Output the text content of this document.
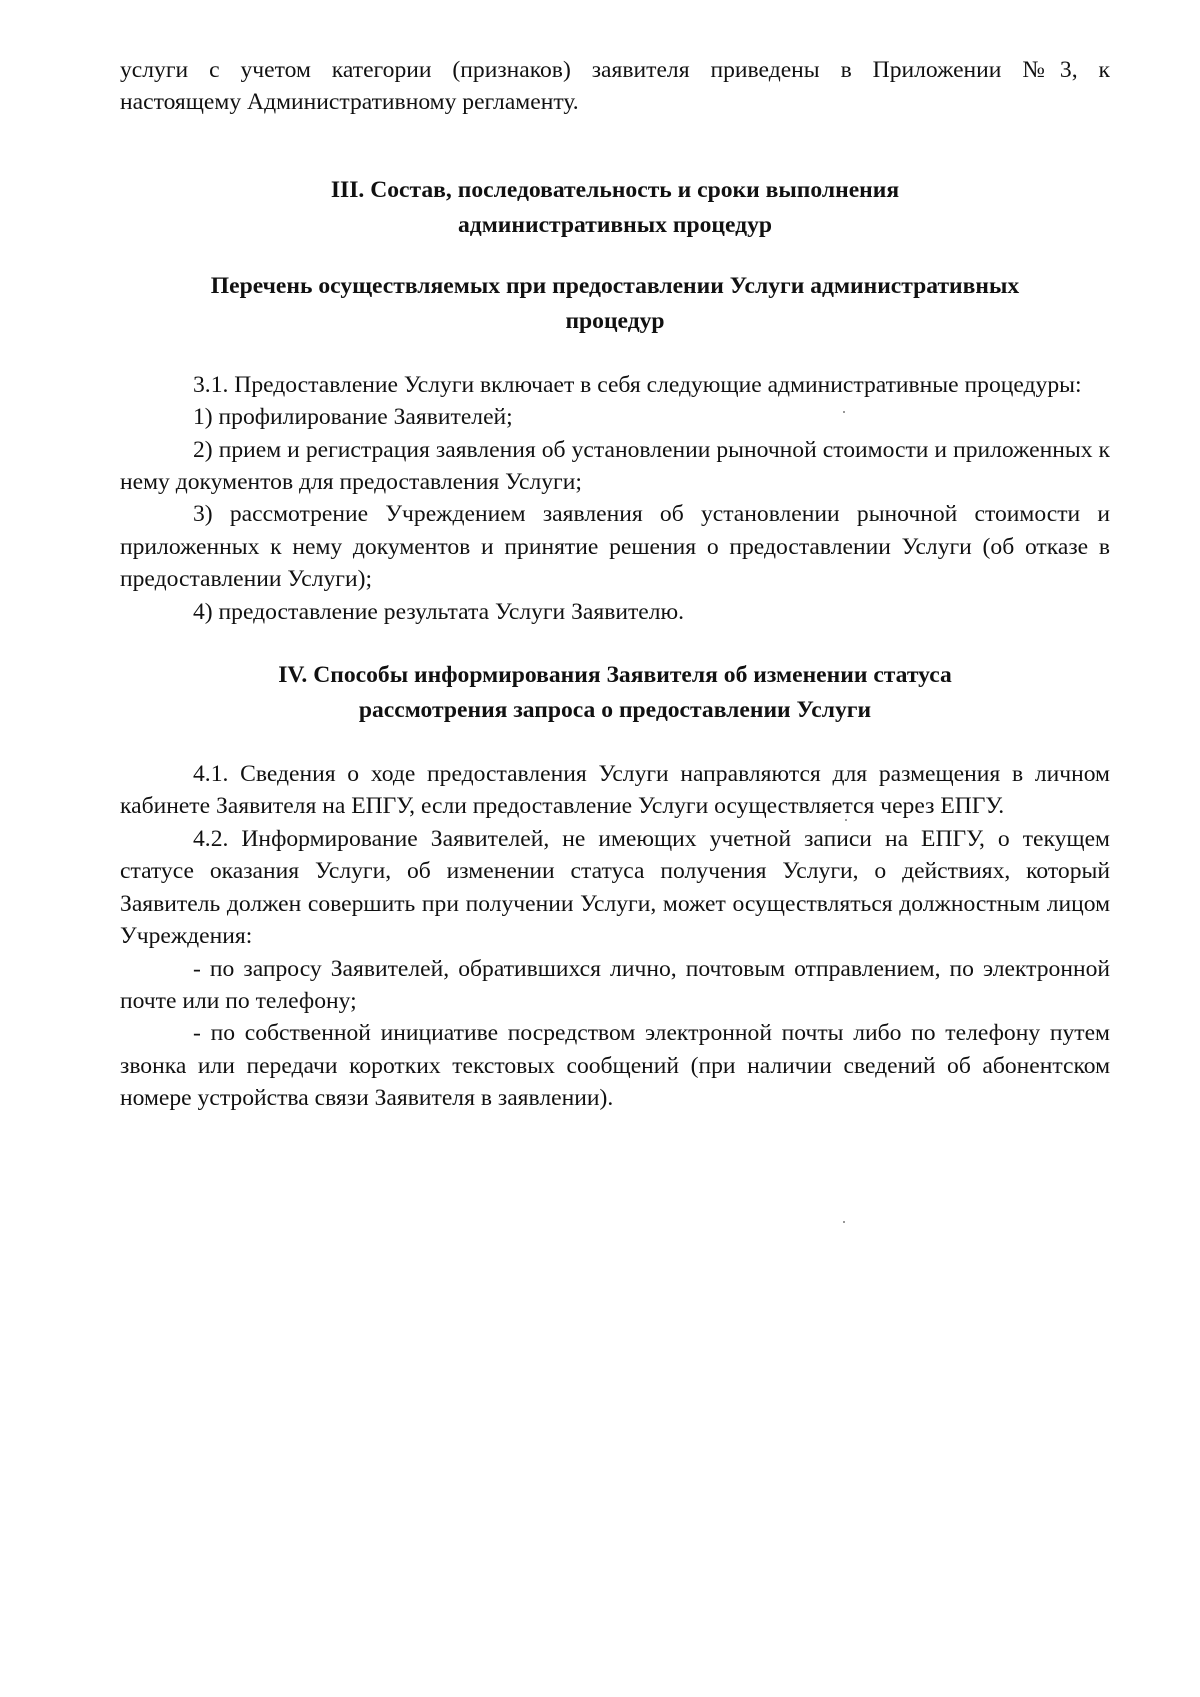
услуги с учетом категории (признаков) заявителя приведены в Приложении №3, к

настоящему Административному регламенту.

III. Состав, последовательность и сроки выполнения
административных процедур
Перечень осуществляемых при предоставлении Услуги административных
процедур

3.1. Предоставление Услуги включает в себя следующие административные процедуры:

1) профилирование Заявителей;

2) прием и регистрация заявления об установлении рыночной стоимости и приложенных к нему документов для предоставления Услуги;

3) рассмотрение Учреждением заявления об установлении рыночной стоимости и приложенных к нему документов и принятие решения о предоставлении Услуги (об отказе в предоставлении Услуги);

4) предоставление результата Услуги Заявителю.

IV. Способы информирования Заявителя об изменении статуса
рассмотрения запроса о предоставлении Услуги

4.1. Сведения о ходе предоставления Услуги направляются для размещения в личном кабинете Заявителя на ЕПГУ, если предоставление Услуги осуществляется через ЕПГУ.

4.2. Информирование Заявителей, не имеющих учетной записи на ЕПГУ, о текущем статусе оказания Услуги, об изменении статуса получения Услуги, о действиях, который Заявитель должен совершить при получении Услуги, может осуществляться должностным лицом Учреждения:

- по запросу Заявителей, обратившихся лично, почтовым отправлением, по электронной почте или по телефону;

- по собственной инициативе посредством электронной почты либо по телефону путем звонка или передачи коротких текстовых сообщений (при наличии сведений об абонентском номере устройства связи Заявителя в заявлении).
